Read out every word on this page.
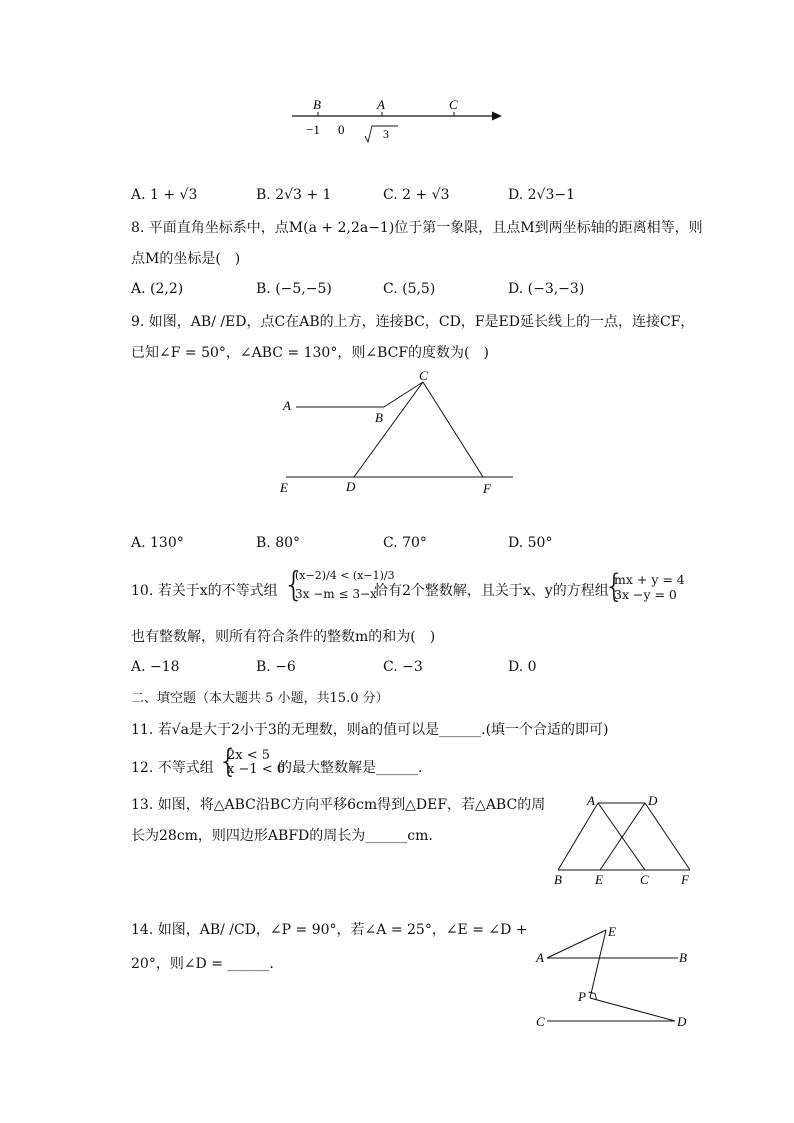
B	A	C
−1 0	3
A. 1 + √3	B. 2√3 + 1	C. 2 + √3	D. 2√3−1
8. 平面直角坐标系中，点M(a + 2,2a−1)位于第一象限，且点M到两坐标轴的距离相等，则
点M的坐标是(　)
A. (2,2)	B. (−5,−5)	C. (5,5)	D. (−3,−3)
9. 如图，AB/ /ED，点C在AB的上方，连接BC，CD，F是ED延长线上的一点，连接CF，
已知∠F = 50°，∠ABC = 130°，则∠BCF的度数为(　)
A
B
C
D
E	F
A. 130°	B. 80°	C. 70°	D. 50°
10. 若关于x的不等式组 {
(x−2)/4 < (x−1)/3
3x −m ≤ 3−x
恰有2个整数解，且关于x、y的方程组
{
mx + y = 4
3x −y = 0
也有整数解，则所有符合条件的整数m的和为(　)
A. −18	B. −6	C. −3	D. 0
二、填空题（本大题共 5 小题，共15.0 分）
11. 若√a是大于2小于3的无理数，则a的值可以是______.(填一个合适的即可)
12. 不等式组 {
2x < 5
x −1 < 0
的最大整数解是______.
13. 如图，将△ABC沿BC方向平移6cm得到△DEF，若△ABC的周
长为28cm，则四边形ABFD的周长为______cm.
A	D
B	E	C F
14. 如图，AB/ /CD，∠P = 90°，若∠A = 25°，∠E = ∠D +
20°，则∠D = ______.
E
A	B
P
C	D
